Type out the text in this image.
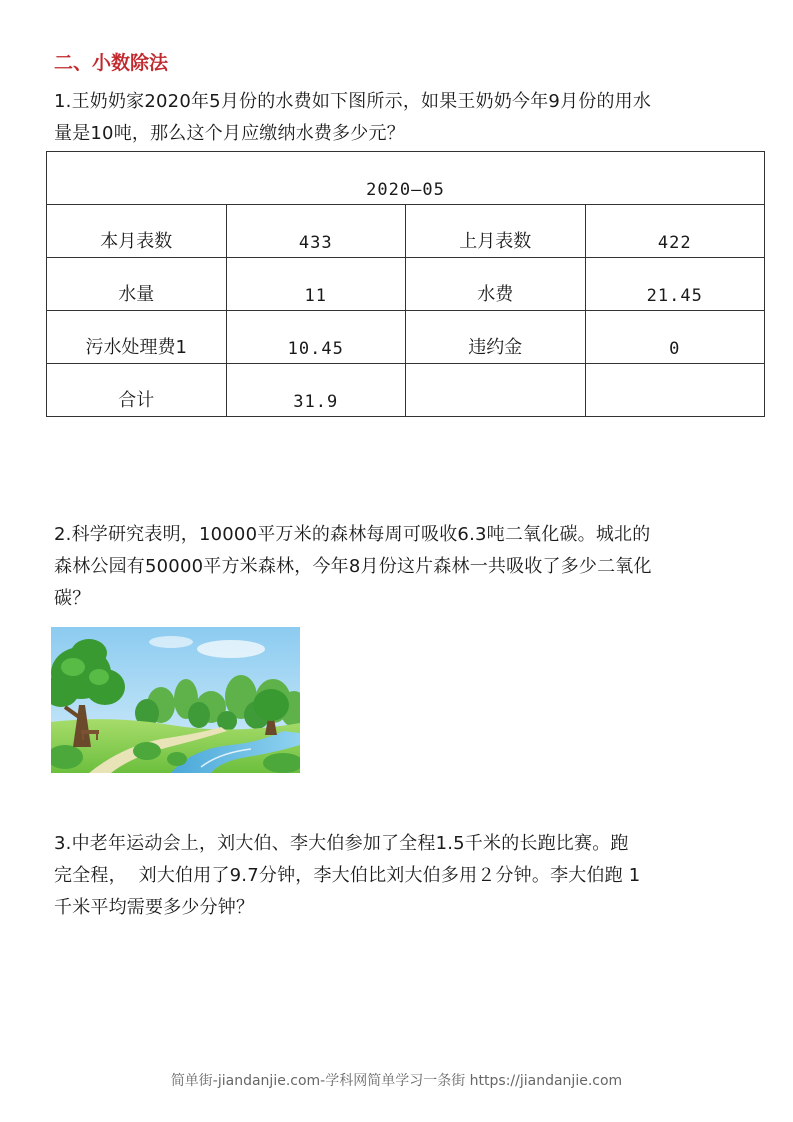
二、小数除法
1.王奶奶家2020年5月份的水费如下图所示，如果王奶奶今年9月份的用水
量是10吨，那么这个月应缴纳水费多少元？
2020—05			
本月表数	433	上月表数	422
水量	11	水费	21.45
污水处理费1	10.45	违约金	0
合计	31.9		
2.科学研究表明，10000平万米的森林每周可吸收6.3吨二氧化碳。城北的
森林公园有50000平方米森林，今年8月份这片森林一共吸收了多少二氧化
碳？
3.中老年运动会上，刘大伯、李大伯参加了全程1.5千米的长跑比赛。跑
完全程，  刘大伯用了9.7分钟，李大伯比刘大伯多用２分钟。李大伯跑 1
千米平均需要多少分钟？

简单街-jiandanjie.com-学科网简单学习一条街 https://jiandanjie.com
